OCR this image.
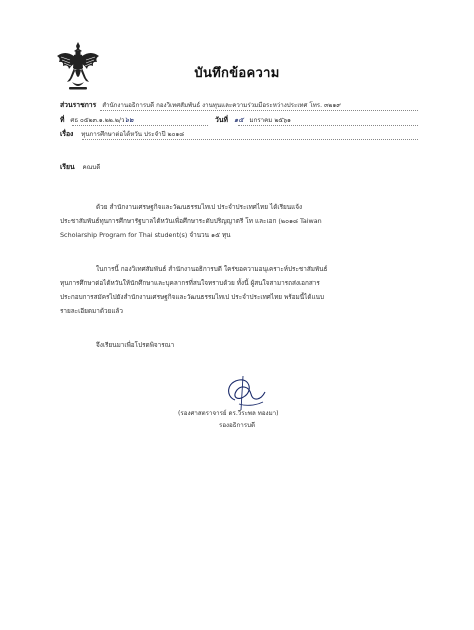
บันทึกข้อความ
ส่วนราชการ สำนักงานอธิการบดี กองวิเทศสัมพันธ์ งานทุนและความร่วมมือระหว่างประเทศ โทร. ๓๒๑๙
ที่ ศธ ๐๕๒๓.๑.๒๒.๒/ว๖๒	วันที่ ๑๕ มกราคม ๒๕๖๑
เรื่อง ทุนการศึกษาต่อไต้หวัน ประจำปี ๒๐๑๘
เรียน คณบดี
ด้วย สำนักงานเศรษฐกิจและวัฒนธรรมไทเป ประจำประเทศไทย ได้เรียนแจ้ง
ประชาสัมพันธ์ทุนการศึกษารัฐบาลไต้หวันเพื่อศึกษาระดับปริญญาตรี โท และเอก (๒๐๑๘ Taiwan
Scholarship Program for Thai student(s) จำนวน ๑๕ ทุน
ในการนี้ กองวิเทศสัมพันธ์ สำนักงานอธิการบดี ใคร่ขอความอนุเคราะห์ประชาสัมพันธ์
ทุนการศึกษาต่อไต้หวันให้นักศึกษาและบุคลากรที่สนใจทราบด้วย ทั้งนี้ ผู้สนใจสามารถส่งเอกสาร
ประกอบการสมัครไปยังสำนักงานเศรษฐกิจและวัฒนธรรมไทเป ประจำประเทศไทย พร้อมนี้ได้แนบ
รายละเอียดมาด้วยแล้ว
จึงเรียนมาเพื่อโปรดพิจารณา
(รองศาสตราจารย์ ดร.วีระพล ทองมา)
รองอธิการบดี
